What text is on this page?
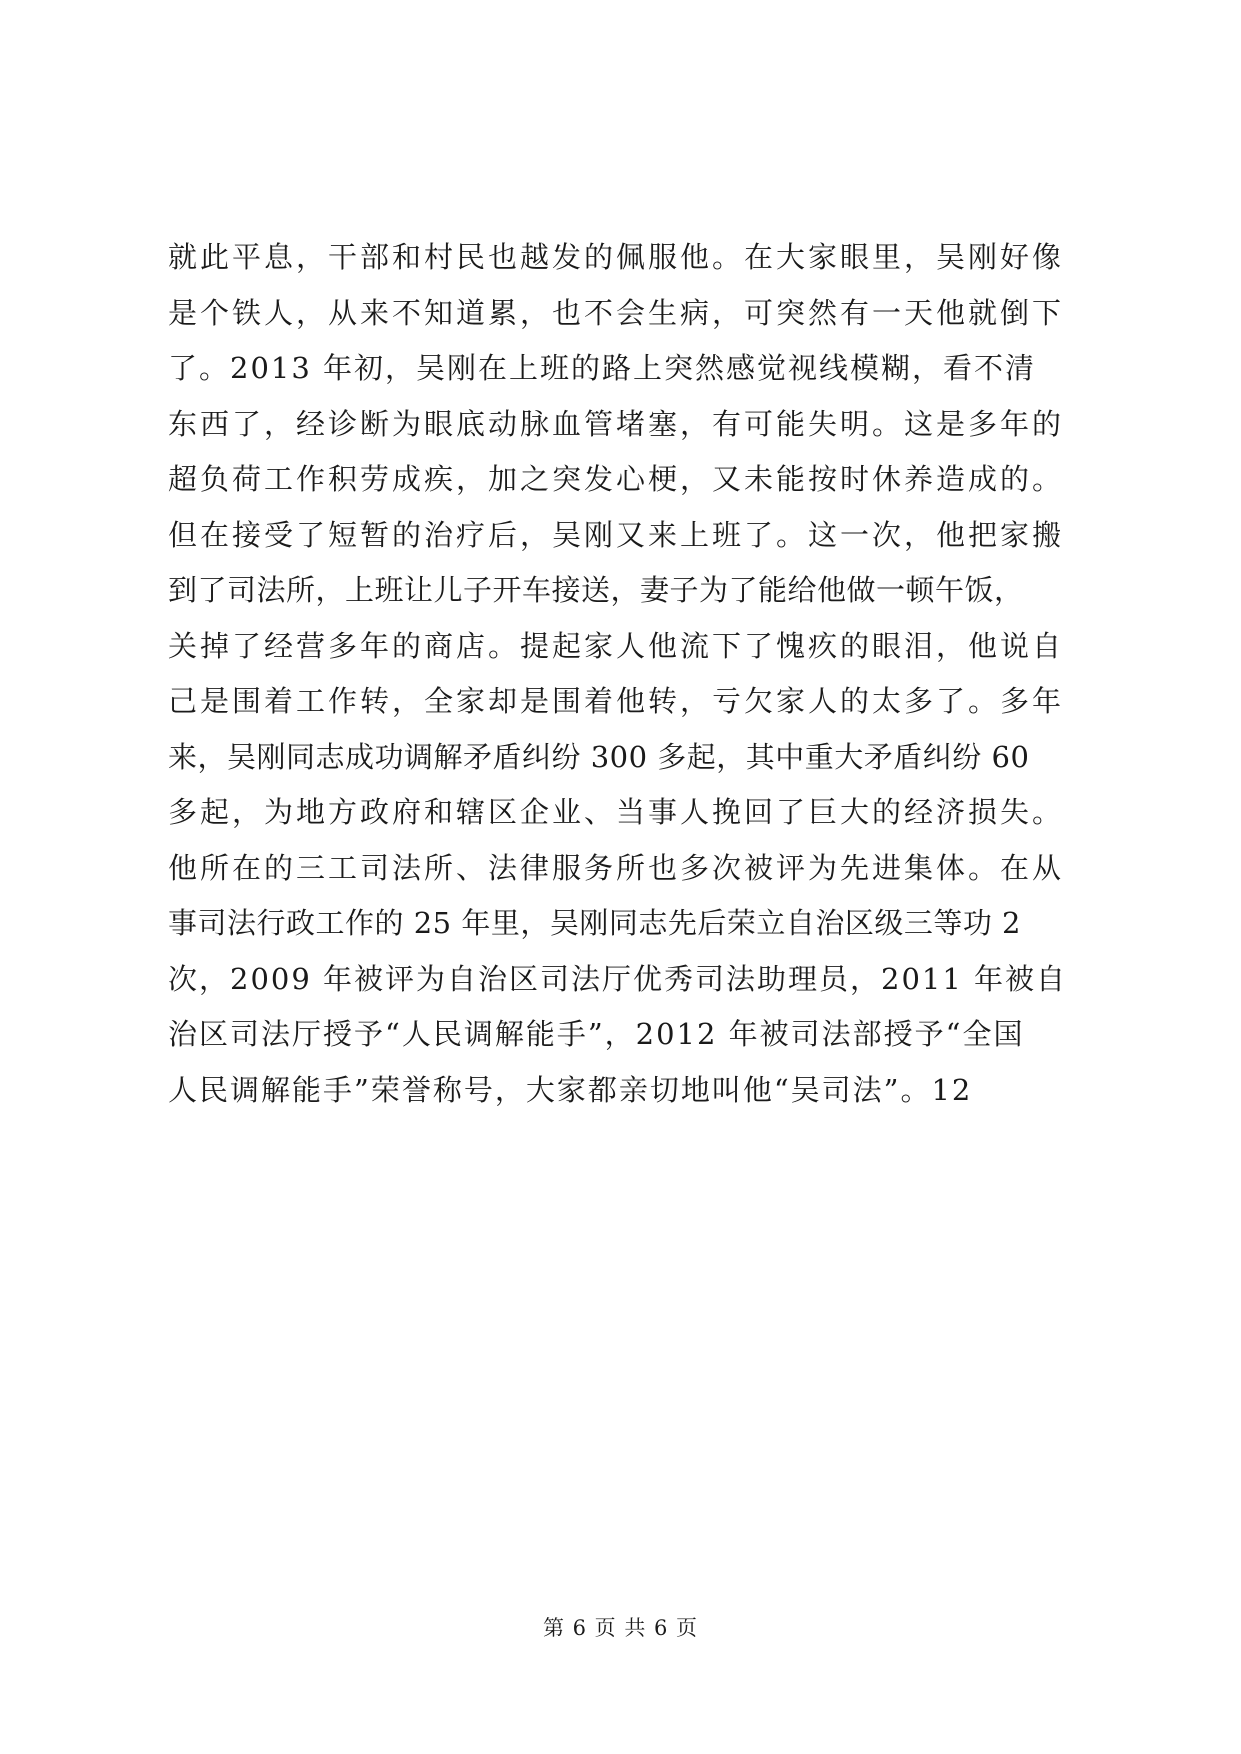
就此平息，干部和村民也越发的佩服他。在大家眼里，吴刚好像
是个铁人，从来不知道累，也不会生病，可突然有一天他就倒下
了。2013 年初，吴刚在上班的路上突然感觉视线模糊，看不清
东西了，经诊断为眼底动脉血管堵塞，有可能失明。这是多年的
超负荷工作积劳成疾，加之突发心梗，又未能按时休养造成的。
但在接受了短暂的治疗后，吴刚又来上班了。这一次，他把家搬
到了司法所，上班让儿子开车接送，妻子为了能给他做一顿午饭，
关掉了经营多年的商店。提起家人他流下了愧疚的眼泪，他说自
己是围着工作转，全家却是围着他转，亏欠家人的太多了。多年
来，吴刚同志成功调解矛盾纠纷 300 多起，其中重大矛盾纠纷 60
多起，为地方政府和辖区企业、当事人挽回了巨大的经济损失。
他所在的三工司法所、法律服务所也多次被评为先进集体。在从
事司法行政工作的 25 年里，吴刚同志先后荣立自治区级三等功 2
次，2009 年被评为自治区司法厅优秀司法助理员，2011 年被自
治区司法厅授予“人民调解能手”，2012 年被司法部授予“全国
人民调解能手”荣誉称号，大家都亲切地叫他“吴司法”。12
第 6 页 共 6 页
